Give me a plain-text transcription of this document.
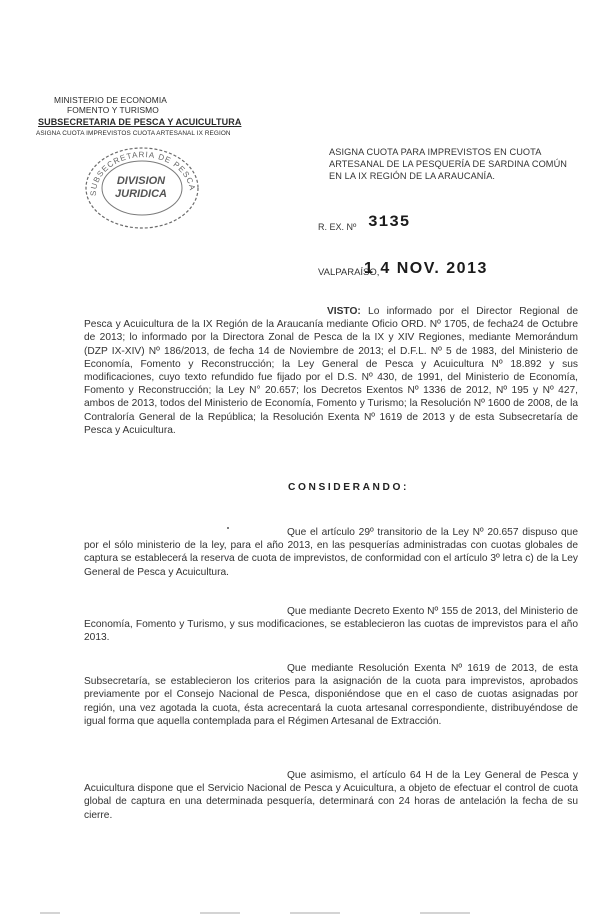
MINISTERIO DE ECONOMIA
FOMENTO Y TURISMO
SUBSECRETARIA DE PESCA Y ACUICULTURA
ASIGNA CUOTA IMPREVISTOS CUOTA ARTESANAL IX REGION
SUBSECRETARIA DE PESCA
DIVISION
JURIDICA
ASIGNA CUOTA PARA IMPREVISTOS EN CUOTA ARTESANAL DE LA PESQUERÍA DE SARDINA COMÚN EN LA IX REGIÓN DE LA ARAUCANÍA.
R. EX. Nº 3135
VALPARAÍSO,
1 4 NOV. 2013
VISTO: Lo informado por el Director Regional de Pesca y Acuicultura de la IX Región de la Araucanía mediante Oficio ORD. Nº 1705, de fecha24 de Octubre de 2013; lo informado por la Directora Zonal de Pesca de la IX y XIV Regiones, mediante Memorándum (DZP IX-XIV) Nº 186/2013, de fecha 14 de Noviembre de 2013; el D.F.L. Nº 5 de 1983, del Ministerio de Economía, Fomento y Reconstrucción; la Ley General de Pesca y Acuicultura Nº 18.892 y sus modificaciones, cuyo texto refundido fue fijado por el D.S. Nº 430, de 1991, del Ministerio de Economía, Fomento y Reconstrucción; la Ley N° 20.657; los Decretos Exentos Nº 1336 de 2012, Nº 195 y Nº 427, ambos de 2013, todos del Ministerio de Economía, Fomento y Turismo; la Resolución Nº 1600 de 2008, de la Contraloría General de la República; la Resolución Exenta Nº 1619 de 2013 y de esta Subsecretaría de Pesca y Acuicultura.
CONSIDERANDO:
Que el artículo 29º transitorio de la Ley Nº 20.657 dispuso que por el sólo ministerio de la ley, para el año 2013, en las pesquerías administradas con cuotas globales de captura se establecerá la reserva de cuota de imprevistos, de conformidad con el artículo 3º letra c) de la Ley General de Pesca y Acuicultura.
Que mediante Decreto Exento Nº 155 de 2013, del Ministerio de Economía, Fomento y Turismo, y sus modificaciones, se establecieron las cuotas de imprevistos para el año 2013.
Que mediante Resolución Exenta Nº 1619 de 2013, de esta Subsecretaría, se establecieron los criterios para la asignación de la cuota para imprevistos, aprobados previamente por el Consejo Nacional de Pesca, disponiéndose que en el caso de cuotas asignadas por región, una vez agotada la cuota, ésta acrecentará la cuota artesanal correspondiente, distribuyéndose de igual forma que aquella contemplada para el Régimen Artesanal de Extracción.
Que asimismo, el artículo 64 H de la Ley General de Pesca y Acuicultura dispone que el Servicio Nacional de Pesca y Acuicultura, a objeto de efectuar el control de cuota global de captura en una determinada pesquería, determinará con 24 horas de antelación la fecha de su cierre.
